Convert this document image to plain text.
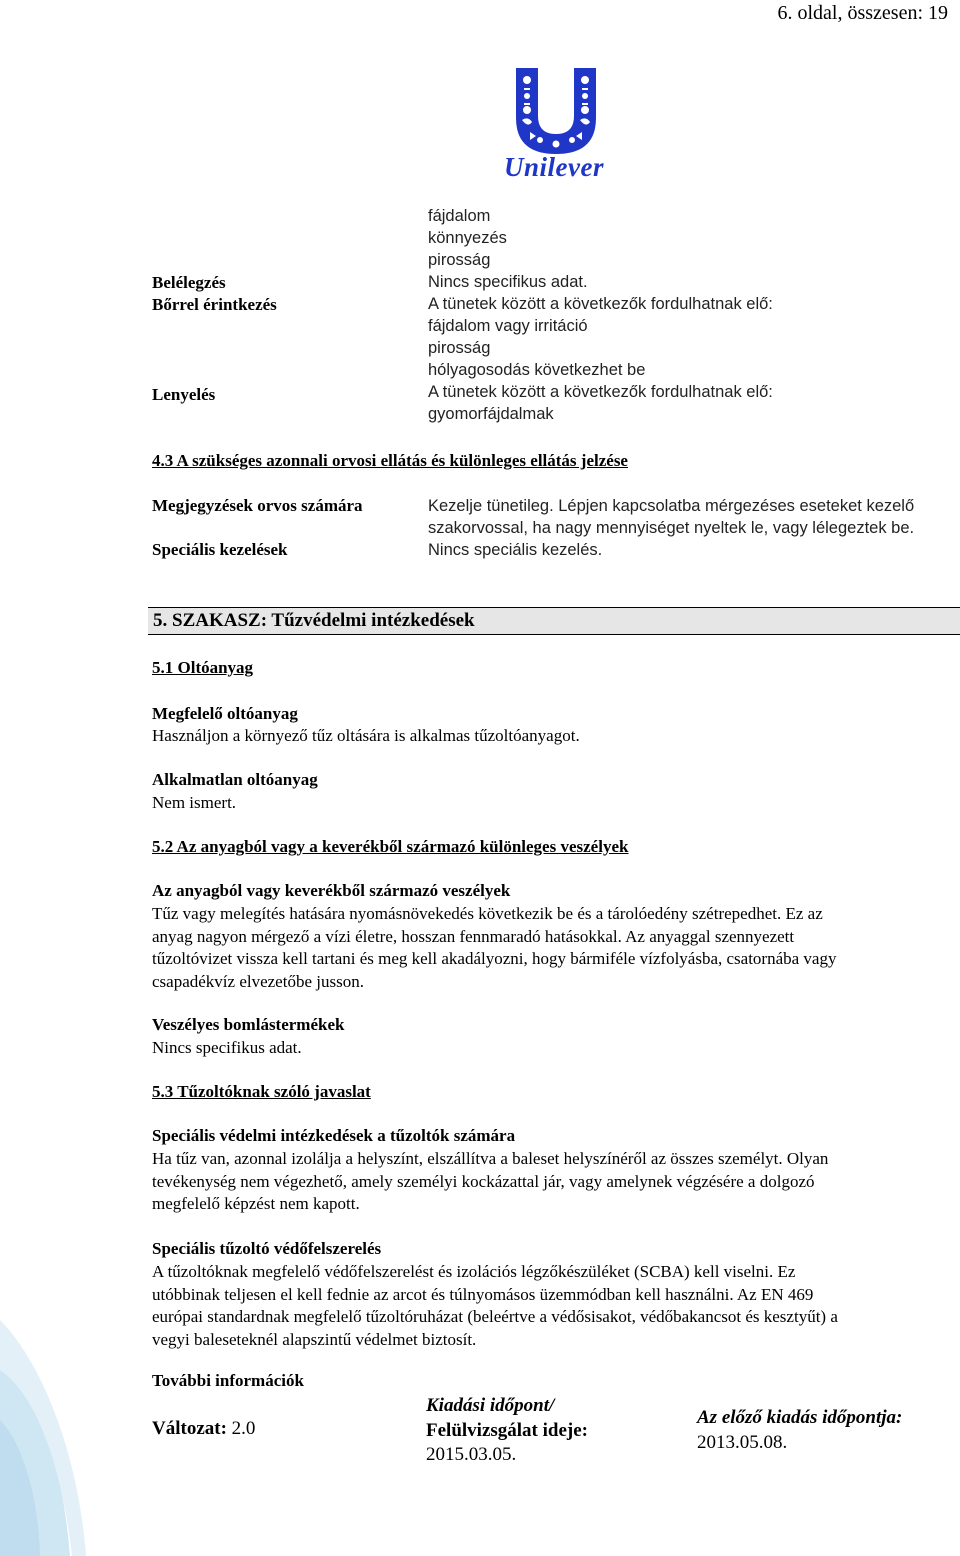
6. oldal, összesen: 19
Unilever
fájdalom
könnyezés
pirosság
Nincs specifikus adat.
A tünetek között a következők fordulhatnak elő:
fájdalom vagy irritáció
pirosság
hólyagosodás következhet be
A tünetek között a következők fordulhatnak elő:
gyomorfájdalmak
Belélegzés
Bőrrel érintkezés
Lenyelés
4.3 A szükséges azonnali orvosi ellátás és különleges ellátás jelzése
Megjegyzések orvos számára	Kezelje tünetileg. Lépjen kapcsolatba mérgezéses eseteket kezelő
szakorvossal, ha nagy mennyiséget nyeltek le, vagy lélegeztek be.
Speciális kezelések	Nincs speciális kezelés.
5. SZAKASZ: Tűzvédelmi intézkedések
5.1 Oltóanyag
Megfelelő oltóanyag
Használjon a környező tűz oltására is alkalmas tűzoltóanyagot.
Alkalmatlan oltóanyag
Nem ismert.
5.2 Az anyagból vagy a keverékből származó különleges veszélyek
Az anyagból vagy keverékből származó veszélyek
Tűz vagy melegítés hatására nyomásnövekedés következik be és a tárolóedény szétrepedhet. Ez az
anyag nagyon mérgező a vízi életre, hosszan fennmaradó hatásokkal. Az anyaggal szennyezett
tűzoltóvizet vissza kell tartani és meg kell akadályozni, hogy bármiféle vízfolyásba, csatornába vagy
csapadékvíz elvezetőbe jusson.
Veszélyes bomlástermékek
Nincs specifikus adat.
5.3 Tűzoltóknak szóló javaslat
Speciális védelmi intézkedések a tűzoltók számára
Ha tűz van, azonnal izolálja a helyszínt, elszállítva a baleset helyszínéről az összes személyt. Olyan
tevékenység nem végezhető, amely személyi kockázattal jár, vagy amelynek végzésére a dolgozó
megfelelő képzést nem kapott.
Speciális tűzoltó védőfelszerelés
A tűzoltóknak megfelelő védőfelszerelést és izolációs légzőkészüléket (SCBA) kell viselni. Ez
utóbbinak teljesen el kell fednie az arcot és túlnyomásos üzemmódban kell használni. Az EN 469
európai standardnak megfelelő tűzoltóruházat (beleértve a védősisakot, védőbakancsot és kesztyűt) a
vegyi baleseteknél alapszintű védelmet biztosít.
További információk
Változat: 2.0
Kiadási időpont/
Felülvizsgálat ideje:
2015.03.05.
Az előző kiadás időpontja:
2013.05.08.
